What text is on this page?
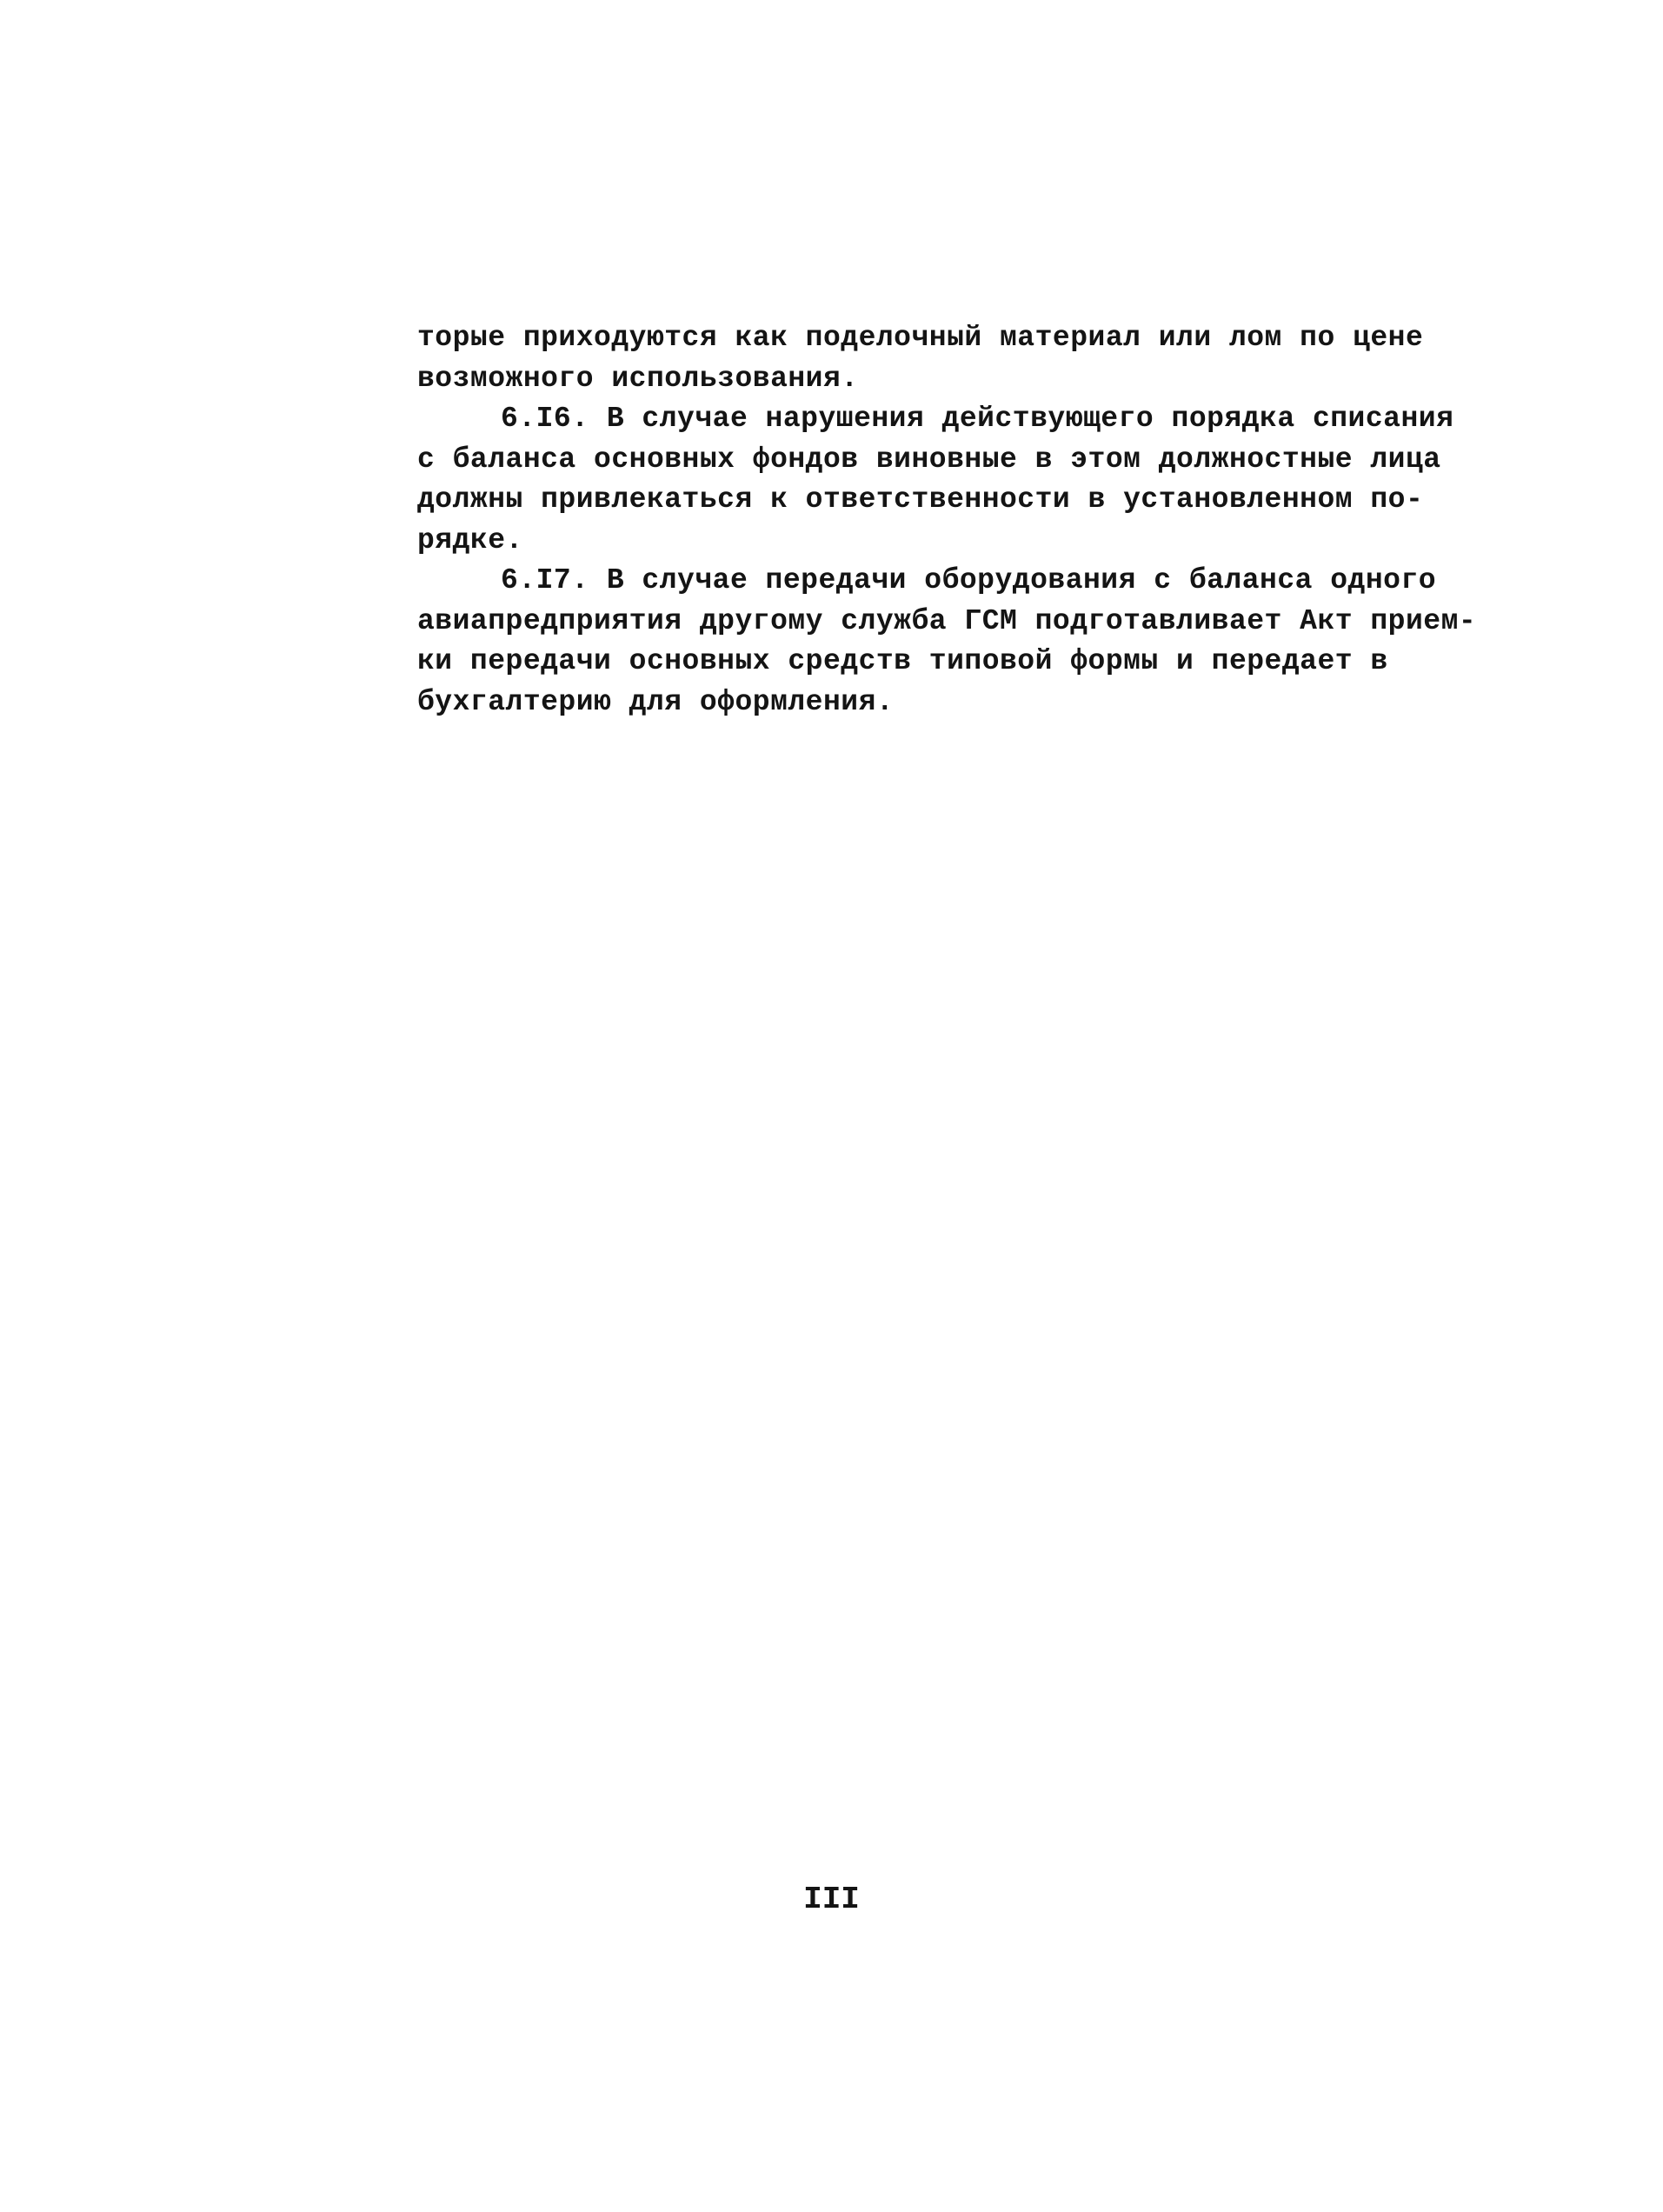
торые приходуются как поделочный материал или лом по цене
возможного использования.
6.I6. В случае нарушения действующего порядка списания
с баланса основных фондов виновные в этом должностные лица
должны привлекаться к ответственности в установленном по-
рядке.
6.I7. В случае передачи оборудования с баланса одного
авиапредприятия другому служба ГСМ подготавливает Акт прием-
ки передачи основных средств типовой формы и передает в
бухгалтерию для оформления.
III
